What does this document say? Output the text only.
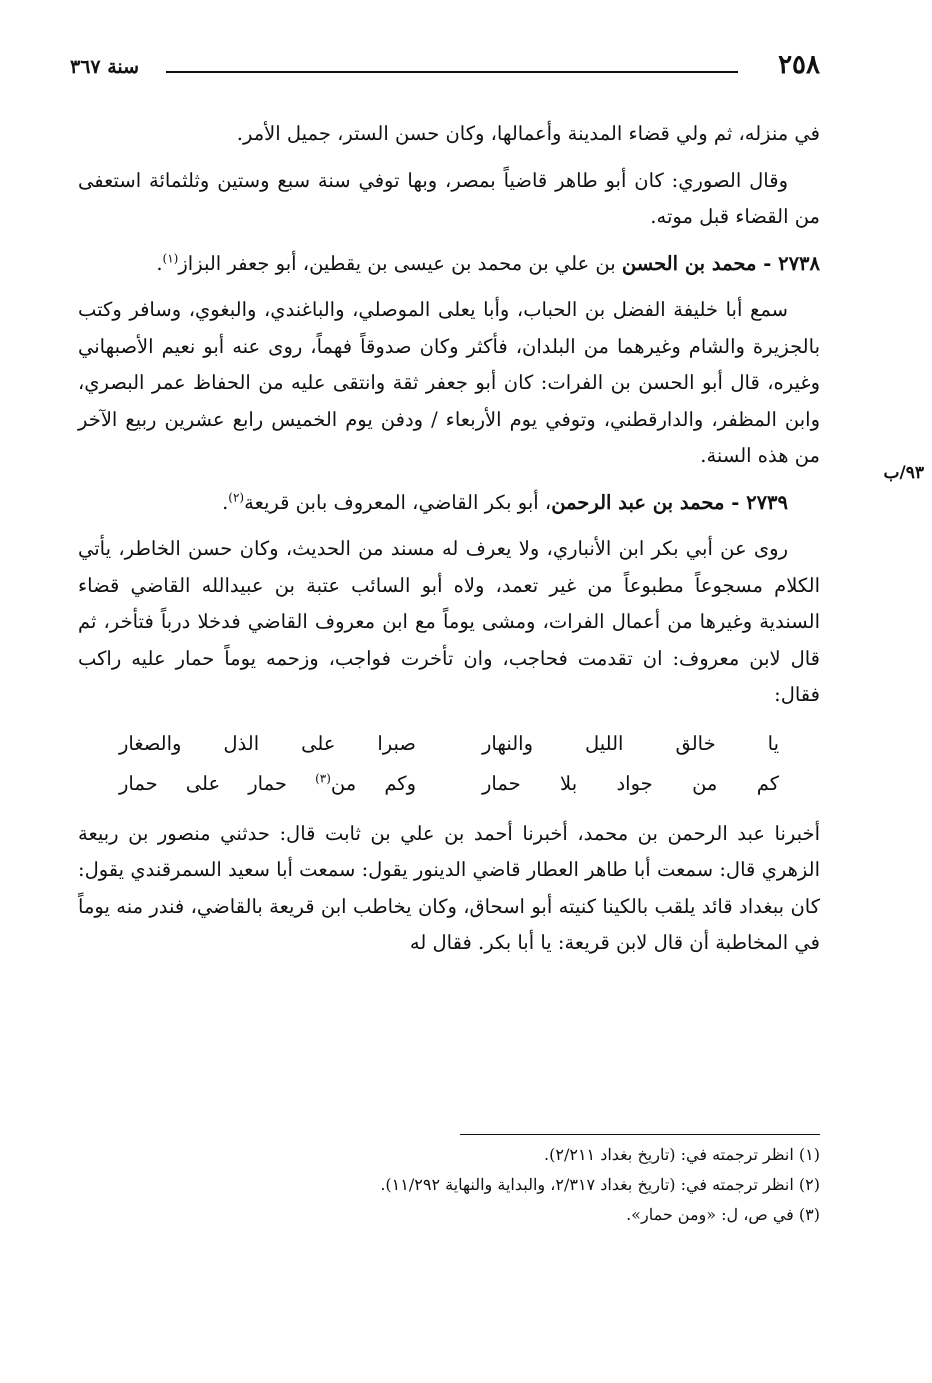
٢٥٨
سنة ٣٦٧

في منزله، ثم ولي قضاء المدينة وأعمالها، وكان حسن الستر، جميل الأمر.

وقال الصوري: كان أبو طاهر قاضياً بمصر، وبها توفي سنة سبع وستين وثلثمائة استعفى من القضاء قبل موته.

٢٧٣٨ - محمد بن الحسن بن علي بن محمد بن عيسى بن يقطين، أبو جعفر البزاز$^{(١)}$.

سمع أبا خليفة الفضل بن الحباب، وأبا يعلى الموصلي، والباغندي، والبغوي، وسافر وكتب بالجزيرة والشام وغيرهما من البلدان، فأكثر وكان صدوقاً فهماً، روى عنه أبو نعيم الأصبهاني وغيره، قال أبو الحسن بن الفرات: كان أبو جعفر ثقة وانتقى عليه من الحفاظ عمر البصري، وابن المظفر، والدارقطني، وتوفي يوم الأربعاء / ودفن يوم الخميس رابع عشرين ربيع الآخر من هذه السنة.

٢٧٣٩ - محمد بن عبد الرحمن، أبو بكر القاضي، المعروف بابن قريعة$^{(٢)}$.

روى عن أبي بكر ابن الأنباري، ولا يعرف له مسند من الحديث، وكان حسن الخاطر، يأتي الكلام مسجوعاً مطبوعاً من غير تعمد، ولاه أبو السائب عتبة بن عبيدالله القاضي قضاء السندية وغيرها من أعمال الفرات، ومشى يوماً مع ابن معروف القاضي فدخلا درباً فتأخر، ثم قال لابن معروف: ان تقدمت فحاجب، وان تأخرت فواجب، وزحمه يوماً حمار عليه راكب فقال:

يا خالق الليل والنهار
صبرا على الذل والصغار
كم من جواد بلا حمار
وكم من$^{(٣)}$ حمار على حمار

أخبرنا عبد الرحمن بن محمد، أخبرنا أحمد بن علي بن ثابت قال: حدثني منصور بن ربيعة الزهري قال: سمعت أبا طاهر العطار قاضي الدينور يقول: سمعت أبا سعيد السمرقندي يقول: كان ببغداد قائد يلقب بالكينا كنيته أبو اسحاق، وكان يخاطب ابن قريعة بالقاضي، فندر منه يوماً في المخاطبة أن قال لابن قريعة: يا أبا بكر. فقال له

٩٣/ب

(١) انظر ترجمته في: (تاريخ بغداد ٢/٢١١).

(٢) انظر ترجمته في: (تاريخ بغداد ٢/٣١٧، والبداية والنهاية ١١/٢٩٢).

(٣) في ص، ل: «ومن حمار».
